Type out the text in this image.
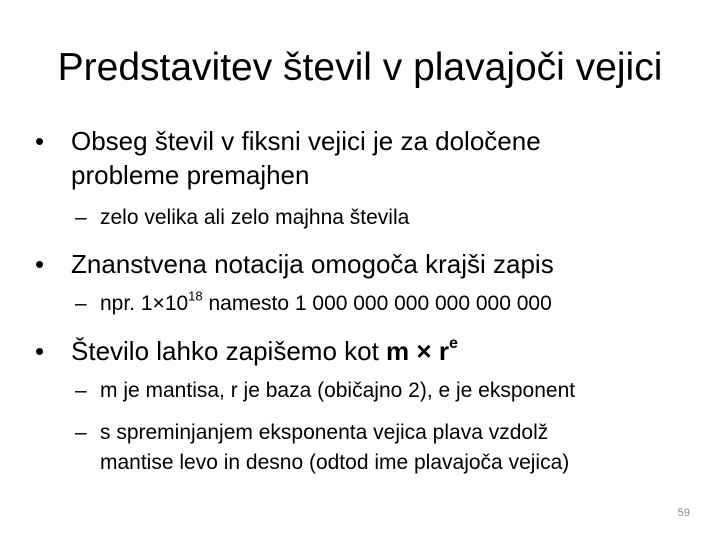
Predstavitev števil v plavajoči vejici
•	Obseg števil v fiksni vejici je za določene
probleme premajhen
– zelo velika ali zelo majhna števila
•	Znanstvena notacija omogoča krajši zapis
– npr. $1\times 10^{18}$ namesto 1 000 000 000 000 000 000
•	Število lahko zapišemo kot $m \times r^e$
– m je mantisa, r je baza (običajno 2), e je eksponent
– s spreminjanjem eksponenta vejica plava vzdolž
mantise levo in desno (odtod ime plavajoča vejica)
59
